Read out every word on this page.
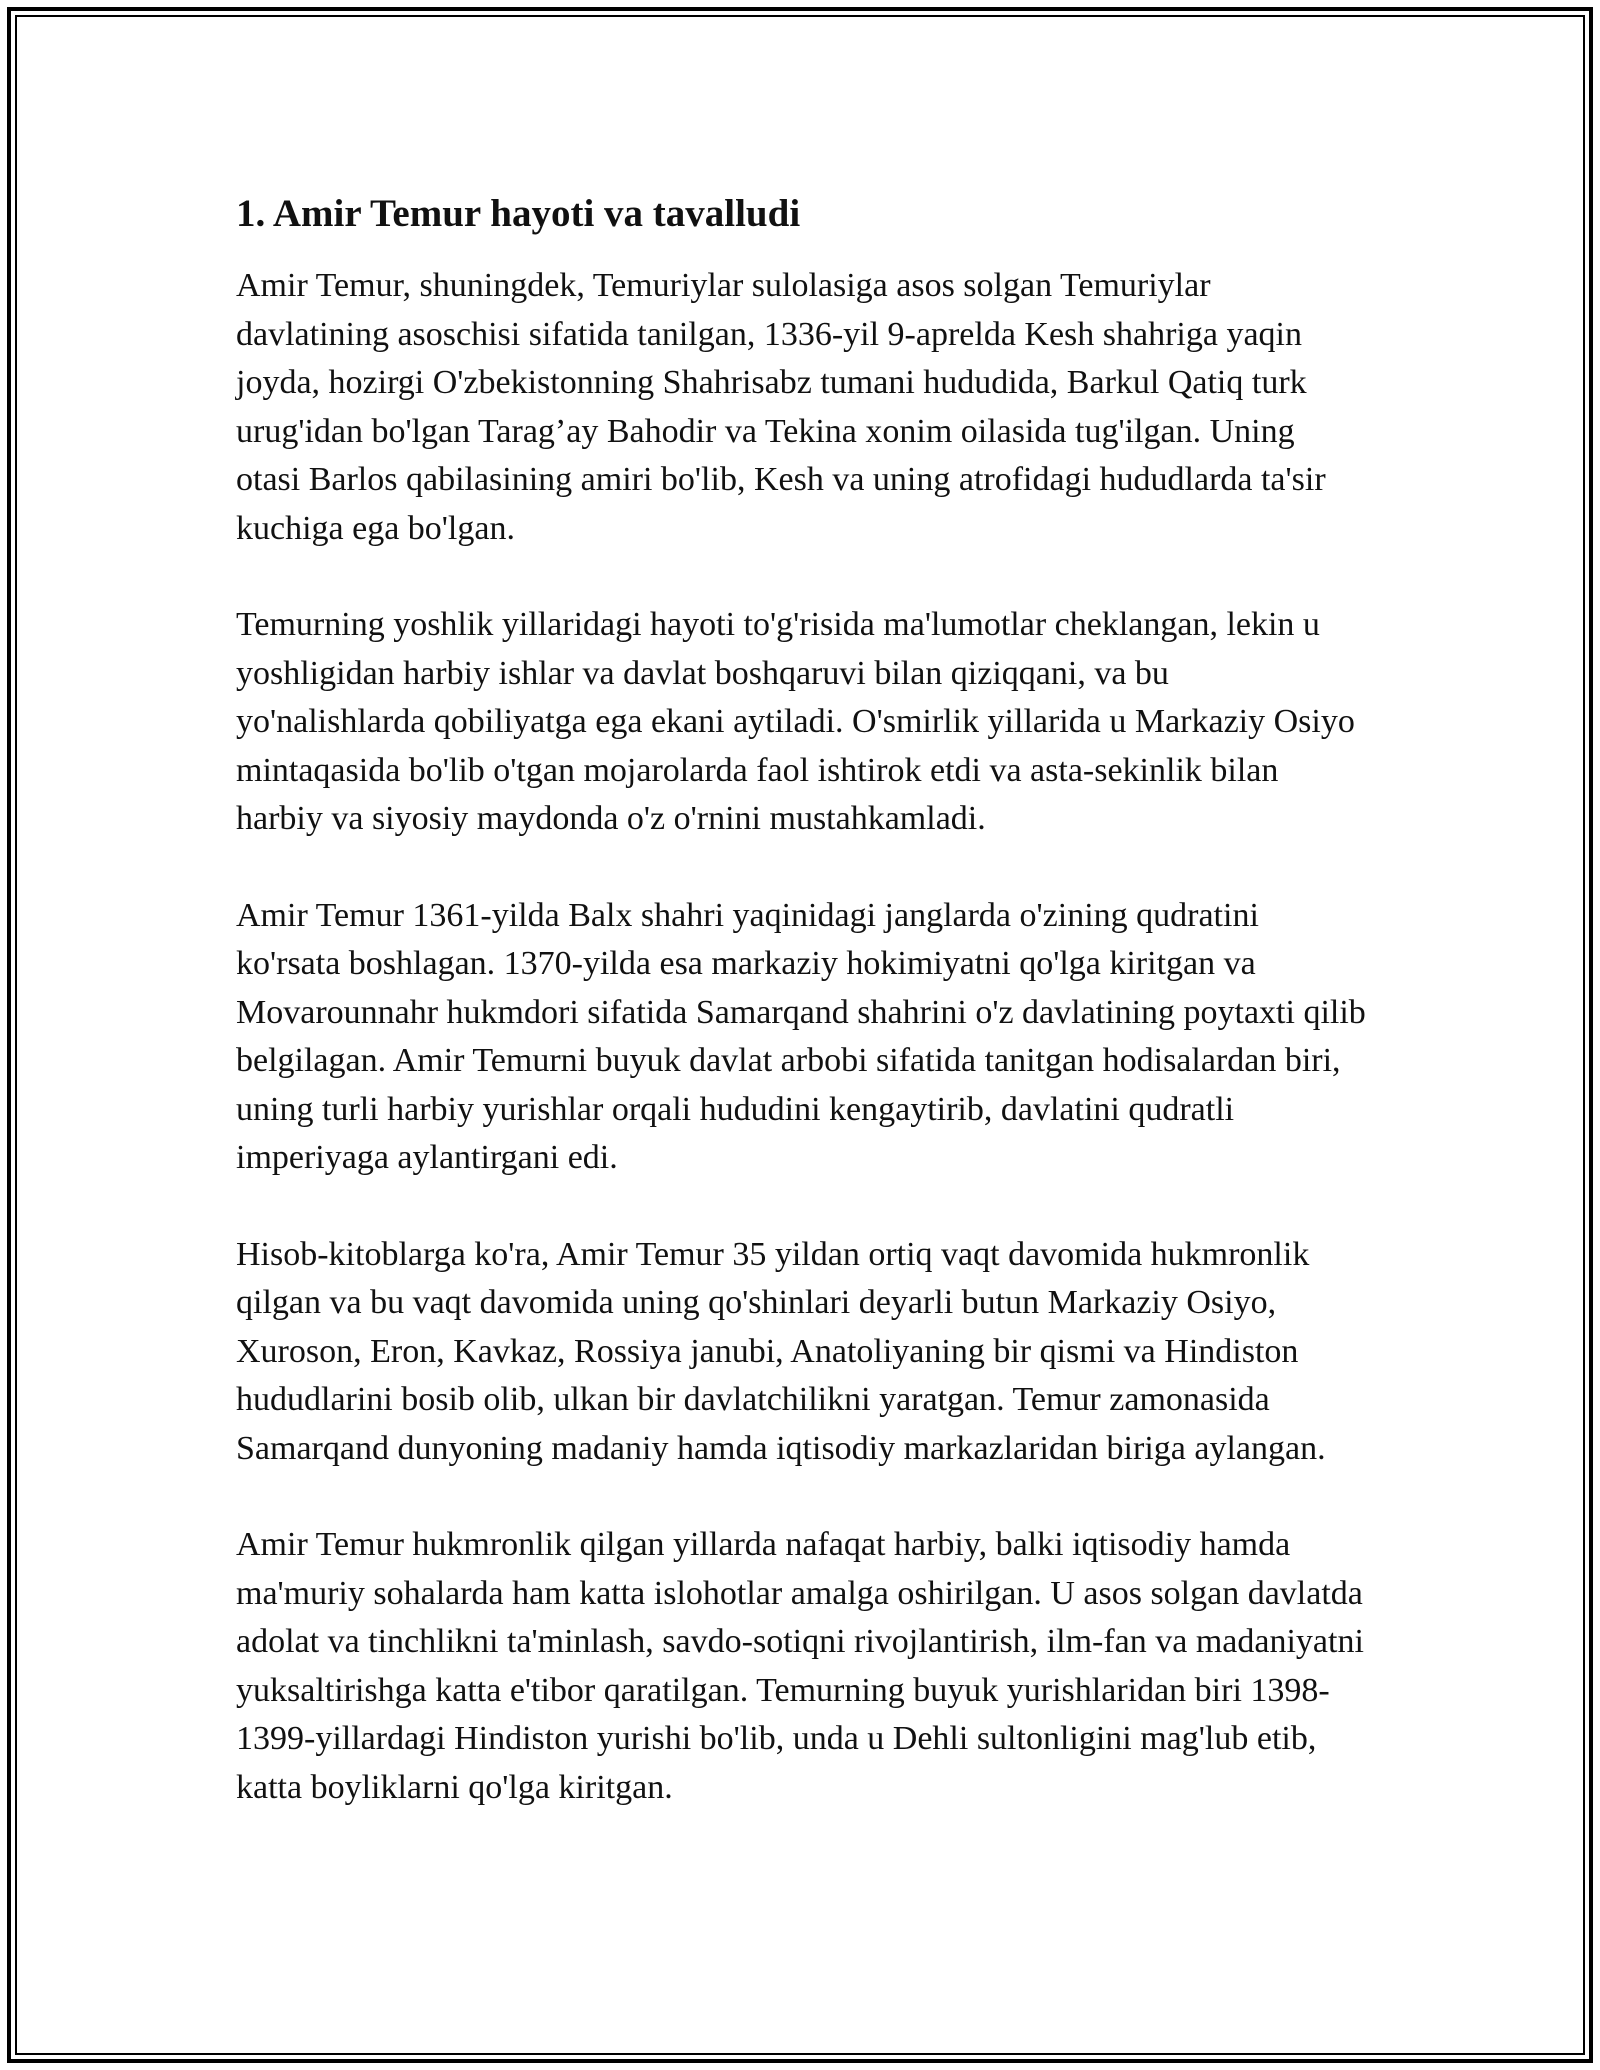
1. Amir Temur hayoti va tavalludi

Amir Temur, shuningdek, Temuriylar sulolasiga asos solgan Temuriylar davlatining asoschisi sifatida tanilgan, 1336-yil 9-aprelda Kesh shahriga yaqin joyda, hozirgi O'zbekistonning Shahrisabz tumani hududida, Barkul Qatiq turk urug'idan bo'lgan Tarag’ay Bahodir va Tekina xonim oilasida tug'ilgan. Uning otasi Barlos qabilasining amiri bo'lib, Kesh va uning atrofidagi hududlarda ta'sir kuchiga ega bo'lgan.

Temurning yoshlik yillaridagi hayoti to'g'risida ma'lumotlar cheklangan, lekin u yoshligidan harbiy ishlar va davlat boshqaruvi bilan qiziqqani, va bu yo'nalishlarda qobiliyatga ega ekani aytiladi. O'smirlik yillarida u Markaziy Osiyo mintaqasida bo'lib o'tgan mojarolarda faol ishtirok etdi va asta-sekinlik bilan harbiy va siyosiy maydonda o'z o'rnini mustahkamladi.

Amir Temur 1361-yilda Balx shahri yaqinidagi janglarda o'zining qudratini ko'rsata boshlagan. 1370-yilda esa markaziy hokimiyatni qo'lga kiritgan va Movarounnahr hukmdori sifatida Samarqand shahrini o'z davlatining poytaxti qilib belgilagan. Amir Temurni buyuk davlat arbobi sifatida tanitgan hodisalardan biri, uning turli harbiy yurishlar orqali hududini kengaytirib, davlatini qudratli imperiyaga aylantirgani edi.

Hisob-kitoblarga ko'ra, Amir Temur 35 yildan ortiq vaqt davomida hukmronlik qilgan va bu vaqt davomida uning qo'shinlari deyarli butun Markaziy Osiyo, Xuroson, Eron, Kavkaz, Rossiya janubi, Anatoliyaning bir qismi va Hindiston hududlarini bosib olib, ulkan bir davlatchilikni yaratgan. Temur zamonasida Samarqand dunyoning madaniy hamda iqtisodiy markazlaridan biriga aylangan.

Amir Temur hukmronlik qilgan yillarda nafaqat harbiy, balki iqtisodiy hamda ma'muriy sohalarda ham katta islohotlar amalga oshirilgan. U asos solgan davlatda adolat va tinchlikni ta'minlash, savdo-sotiqni rivojlantirish, ilm-fan va madaniyatni yuksaltirishga katta e'tibor qaratilgan. Temurning buyuk yurishlaridan biri 1398-1399-yillardagi Hindiston yurishi bo'lib, unda u Dehli sultonligini mag'lub etib, katta boyliklarni qo'lga kiritgan.
